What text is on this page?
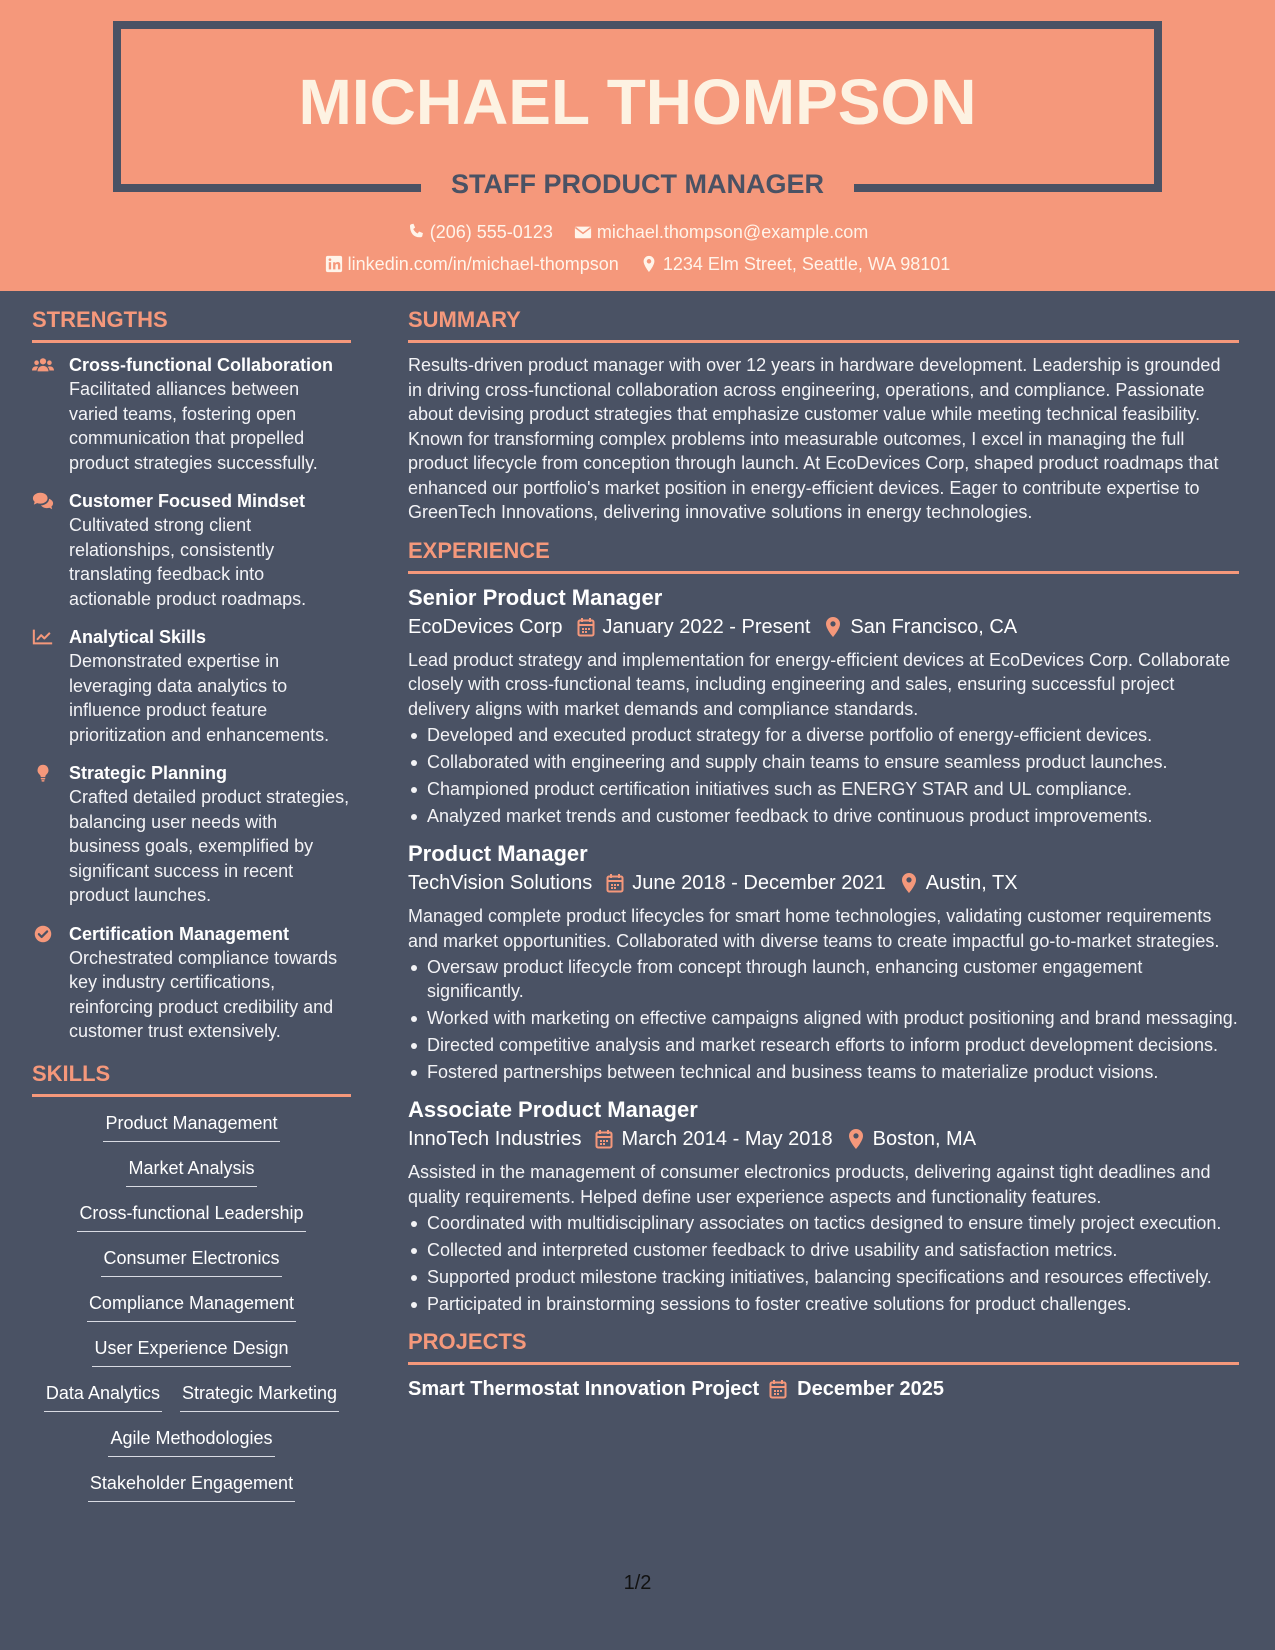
MICHAEL THOMPSON
STAFF PRODUCT MANAGER
(206) 555-0123
michael.thompson@example.com
linkedin.com/in/michael-thompson
1234 Elm Street, Seattle, WA 98101
STRENGTHS
Cross-functional Collaboration
Facilitated alliances between varied teams, fostering open communication that propelled product strategies successfully.
Customer Focused Mindset
Cultivated strong client relationships, consistently translating feedback into actionable product roadmaps.
Analytical Skills
Demonstrated expertise in leveraging data analytics to influence product feature prioritization and enhancements.
Strategic Planning
Crafted detailed product strategies, balancing user needs with business goals, exemplified by significant success in recent product launches.
Certification Management
Orchestrated compliance towards key industry certifications, reinforcing product credibility and customer trust extensively.
SKILLS
Product Management
Market Analysis
Cross-functional Leadership
Consumer Electronics
Compliance Management
User Experience Design
Data Analytics Strategic Marketing
Agile Methodologies
Stakeholder Engagement
SUMMARY
Results-driven product manager with over 12 years in hardware development. Leadership is grounded in driving cross-functional collaboration across engineering, operations, and compliance. Passionate about devising product strategies that emphasize customer value while meeting technical feasibility. Known for transforming complex problems into measurable outcomes, I excel in managing the full product lifecycle from conception through launch. At EcoDevices Corp, shaped product roadmaps that enhanced our portfolio's market position in energy-efficient devices. Eager to contribute expertise to GreenTech Innovations, delivering innovative solutions in energy technologies.
EXPERIENCE
Senior Product Manager
EcoDevices Corp January 2022 - Present San Francisco, CA
Lead product strategy and implementation for energy-efficient devices at EcoDevices Corp. Collaborate closely with cross-functional teams, including engineering and sales, ensuring successful project delivery aligns with market demands and compliance standards.
Developed and executed product strategy for a diverse portfolio of energy-efficient devices.
Collaborated with engineering and supply chain teams to ensure seamless product launches.
Championed product certification initiatives such as ENERGY STAR and UL compliance.
Analyzed market trends and customer feedback to drive continuous product improvements.
Product Manager
TechVision Solutions June 2018 - December 2021 Austin, TX
Managed complete product lifecycles for smart home technologies, validating customer requirements and market opportunities. Collaborated with diverse teams to create impactful go-to-market strategies.
Oversaw product lifecycle from concept through launch, enhancing customer engagement significantly.
Worked with marketing on effective campaigns aligned with product positioning and brand messaging.
Directed competitive analysis and market research efforts to inform product development decisions.
Fostered partnerships between technical and business teams to materialize product visions.
Associate Product Manager
InnoTech Industries March 2014 - May 2018 Boston, MA
Assisted in the management of consumer electronics products, delivering against tight deadlines and quality requirements. Helped define user experience aspects and functionality features.
Coordinated with multidisciplinary associates on tactics designed to ensure timely project execution.
Collected and interpreted customer feedback to drive usability and satisfaction metrics.
Supported product milestone tracking initiatives, balancing specifications and resources effectively.
Participated in brainstorming sessions to foster creative solutions for product challenges.
PROJECTS
Smart Thermostat Innovation Project December 2025
1/2
